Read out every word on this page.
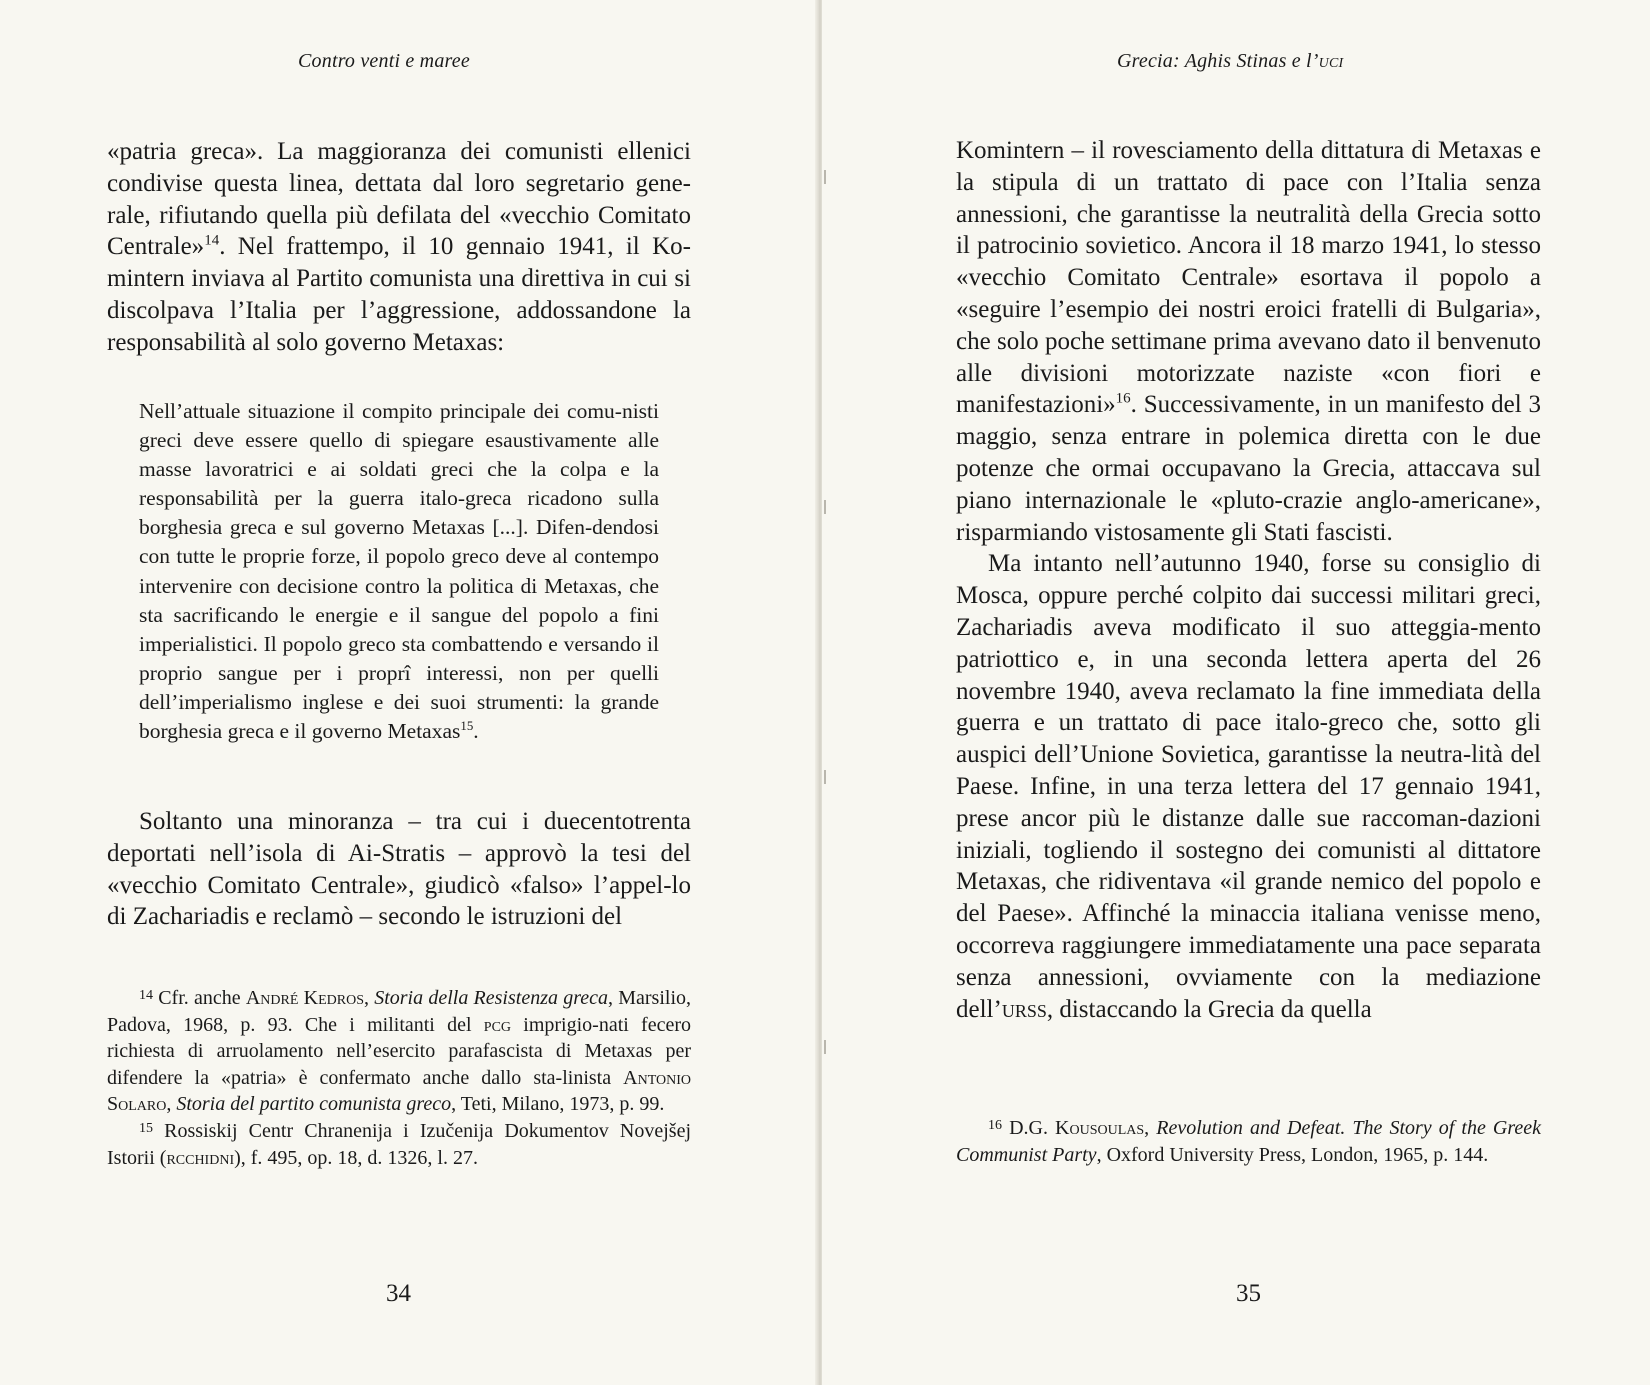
Contro venti e maree

«patria greca». La maggioranza dei comunisti ellenici condivise questa linea, dettata dal loro segretario gene-rale, rifiutando quella più defilata del «vecchio Comitato Centrale»$^{14}$. Nel frattempo, il 10 gennaio 1941, il Ko-mintern inviava al Partito comunista una direttiva in cui si discolpava l’Italia per l’aggressione, addossandone la responsabilità al solo governo Metaxas:

Nell’attuale situazione il compito principale dei comu-nisti greci deve essere quello di spiegare esaustivamente alle masse lavoratrici e ai soldati greci che la colpa e la responsabilità per la guerra italo-greca ricadono sulla borghesia greca e sul governo Metaxas [...]. Difen-dendosi con tutte le proprie forze, il popolo greco deve al contempo intervenire con decisione contro la politica di Metaxas, che sta sacrificando le energie e il sangue del popolo a fini imperialistici. Il popolo greco sta combattendo e versando il proprio sangue per i proprî interessi, non per quelli dell’imperialismo inglese e dei suoi strumenti: la grande borghesia greca e il governo Metaxas$^{15}$.

Soltanto una minoranza – tra cui i duecentotrenta deportati nell’isola di Ai-Stratis – approvò la tesi del «vecchio Comitato Centrale», giudicò «falso» l’appel-lo di Zachariadis e reclamò – secondo le istruzioni del

$^{14}$ Cfr. anche André Kedros, Storia della Resistenza greca, Marsilio, Padova, 1968, p. 93. Che i militanti del pcg imprigio-nati fecero richiesta di arruolamento nell’esercito parafascista di Metaxas per difendere la «patria» è confermato anche dallo sta-linista Antonio Solaro, Storia del partito comunista greco, Teti, Milano, 1973, p. 99.

$^{15}$ Rossiskij Centr Chranenija i Izučenija Dokumentov Novejšej Istorii (rcchidni), f. 495, op. 18, d. 1326, l. 27.

34
Grecia: Aghis Stinas e l’uci

Komintern – il rovesciamento della dittatura di Metaxas e la stipula di un trattato di pace con l’Italia senza annessioni, che garantisse la neutralità della Grecia sotto il patrocinio sovietico. Ancora il 18 marzo 1941, lo stesso «vecchio Comitato Centrale» esortava il popolo a «seguire l’esempio dei nostri eroici fratelli di Bulgaria», che solo poche settimane prima avevano dato il benvenuto alle divisioni motorizzate naziste «con fiori e manifestazioni»$^{16}$. Successivamente, in un manifesto del 3 maggio, senza entrare in polemica diretta con le due potenze che ormai occupavano la Grecia, attaccava sul piano internazionale le «pluto-crazie anglo-americane», risparmiando vistosamente gli Stati fascisti.

Ma intanto nell’autunno 1940, forse su consiglio di Mosca, oppure perché colpito dai successi militari greci, Zachariadis aveva modificato il suo atteggia-mento patriottico e, in una seconda lettera aperta del 26 novembre 1940, aveva reclamato la fine immediata della guerra e un trattato di pace italo-greco che, sotto gli auspici dell’Unione Sovietica, garantisse la neutra-lità del Paese. Infine, in una terza lettera del 17 gennaio 1941, prese ancor più le distanze dalle sue raccoman-dazioni iniziali, togliendo il sostegno dei comunisti al dittatore Metaxas, che ridiventava «il grande nemico del popolo e del Paese». Affinché la minaccia italiana venisse meno, occorreva raggiungere immediatamente una pace separata senza annessioni, ovviamente con la mediazione dell’urss, distaccando la Grecia da quella

$^{16}$ D.G. Kousoulas, Revolution and Defeat. The Story of the Greek Communist Party, Oxford University Press, London, 1965, p. 144.

35
